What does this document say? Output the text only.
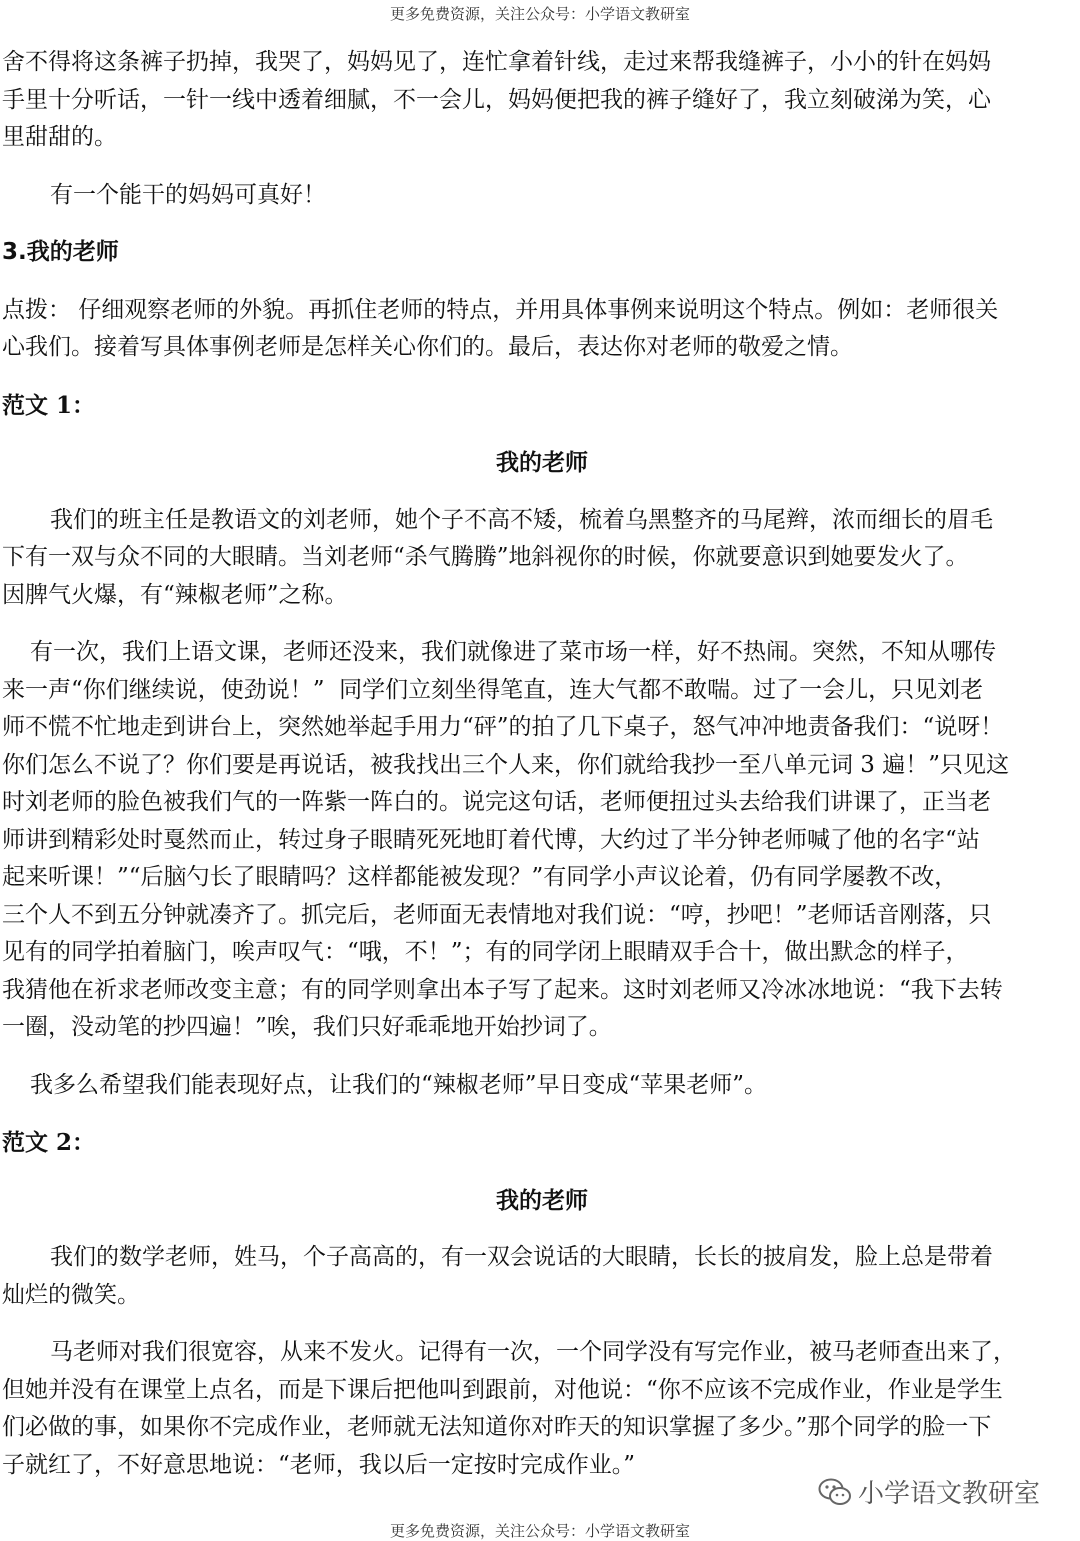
更多免费资源，关注公众号：小学语文教研室

舍不得将这条裤子扔掉，我哭了，妈妈见了，连忙拿着针线，走过来帮我缝裤子，小小的针在妈妈

手里十分听话，一针一线中透着细腻，不一会儿，妈妈便把我的裤子缝好了，我立刻破涕为笑，心

里甜甜的。

有一个能干的妈妈可真好！

3.我的老师

点拨： 仔细观察老师的外貌。再抓住老师的特点，并用具体事例来说明这个特点。例如：老师很关

心我们。接着写具体事例老师是怎样关心你们的。最后，表达你对老师的敬爱之情。

范文 1：

我的老师

我们的班主任是教语文的刘老师，她个子不高不矮，梳着乌黑整齐的马尾辫，浓而细长的眉毛

下有一双与众不同的大眼睛。当刘老师“杀气腾腾”地斜视你的时候，你就要意识到她要发火了。

因脾气火爆，有“辣椒老师”之称。

有一次，我们上语文课，老师还没来，我们就像进了菜市场一样，好不热闹。突然，不知从哪传

来一声“你们继续说，使劲说！”  同学们立刻坐得笔直，连大气都不敢喘。过了一会儿，只见刘老

师不慌不忙地走到讲台上，突然她举起手用力“砰”的拍了几下桌子，怒气冲冲地责备我们：“说呀！

你们怎么不说了？你们要是再说话，被我找出三个人来，你们就给我抄一至八单元词 3 遍！”只见这

时刘老师的脸色被我们气的一阵紫一阵白的。说完这句话，老师便扭过头去给我们讲课了，正当老

师讲到精彩处时戛然而止，转过身子眼睛死死地盯着代博，大约过了半分钟老师喊了他的名字“站

起来听课！”“后脑勺长了眼睛吗？这样都能被发现？”有同学小声议论着，仍有同学屡教不改，

三个人不到五分钟就凑齐了。抓完后，老师面无表情地对我们说：“哼，抄吧！”老师话音刚落，只

见有的同学拍着脑门，唉声叹气：“哦，不！”；有的同学闭上眼睛双手合十，做出默念的样子，

我猜他在祈求老师改变主意；有的同学则拿出本子写了起来。这时刘老师又冷冰冰地说：“我下去转

一圈，没动笔的抄四遍！”唉，我们只好乖乖地开始抄词了。

我多么希望我们能表现好点，让我们的“辣椒老师”早日变成“苹果老师”。

范文 2：

我的老师

我们的数学老师，姓马，个子高高的，有一双会说话的大眼睛，长长的披肩发，脸上总是带着

灿烂的微笑。

马老师对我们很宽容，从来不发火。记得有一次，一个同学没有写完作业，被马老师查出来了，

但她并没有在课堂上点名，而是下课后把他叫到跟前，对他说：“你不应该不完成作业，作业是学生

们必做的事，如果你不完成作业，老师就无法知道你对昨天的知识掌握了多少。”那个同学的脸一下

子就红了，不好意思地说：“老师，我以后一定按时完成作业。”

小学语文教研室
更多免费资源，关注公众号：小学语文教研室
